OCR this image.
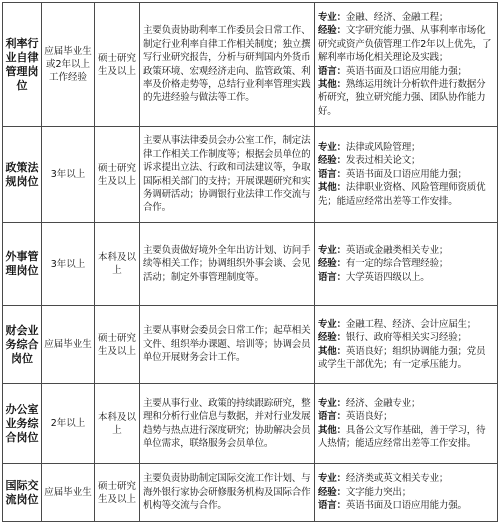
利率行业自律管理岗位	应届毕业生或2年以上工作经验	硕士研究生及以上	主要负责协助利率工作委员会日常工作、制定行业利率自律工作相关制度；独立撰写行业研究报告，分析与研判国内外货币政策环境、宏观经济走向、监管政策、利率及价格走势等，总结行业利率管理实践的先进经验与做法等工作。	专业：金融、经济、金融工程；
经验：文字研究能力强、从事利率市场化研究或资产负债管理工作2年以上优先，了解利率市场化相关理论及实践；
语言：英语书面及口语应用能力强；
其他：熟练运用统计分析软件进行数据分析研究，独立研究能力强、团队协作能力好。

政策法规岗位	3年以上	硕士研究生及以上	主要从事法律委员会办公室工作，制定法律工作相关工作制度等；根据会员单位的诉求提出立法、行政和司法建议等，争取国际相关部门的支持；开展课题研究和实务调研活动；协调银行业法律工作交流与合作。	专业：法律或风险管理；
经验：发表过相关论文；
语言：英语书面及口语应用能力强；
其他：法律职业资格、风险管理师资质优先；能适应经常出差等工作安排。

外事管理岗位	3年以上	本科及以上	主要负责做好境外全年出访计划、访问手续等相关工作；协调组织外事会谈、会见活动；制定外事管理制度等。	专业：英语或金融类相关专业；
经验：有一定的综合管理经验；
语言：大学英语四级以上。

财会业务综合岗位	应届毕业生	硕士研究生及以上	主要从事财会委员会日常工作；起草相关文件、组织举办课题、培训等；协调会员单位开展财务会计工作。	专业：金融工程、经济、会计应届生；
经验：银行、政府等相关实习经验；
其他：英语良好；组织协调能力强；党员或学生干部优先；有一定承压能力。

办公室业务综合岗位	2年以上	本科及以上	主要从事行业、政策的持续跟踪研究，整理和分析行业信息与数据，并对行业发展趋势与热点进行深度研究；协助解决会员单位需求，联络服务会员单位。	专业：经济、金融专业；
语言：英语良好；
其他：具备公文写作基础，善于学习，待人热情；能适应经常出差等工作安排。

国际交流岗位	应届毕业生	硕士研究生及以上	主要负责协助制定国际交流工作计划、与海外银行家协会研修服务机构及国际合作机构等交流与合作。	专业：经济类或英文相关专业；
经验：文字能力突出；
语言：英语书面及口语应用能力强。
